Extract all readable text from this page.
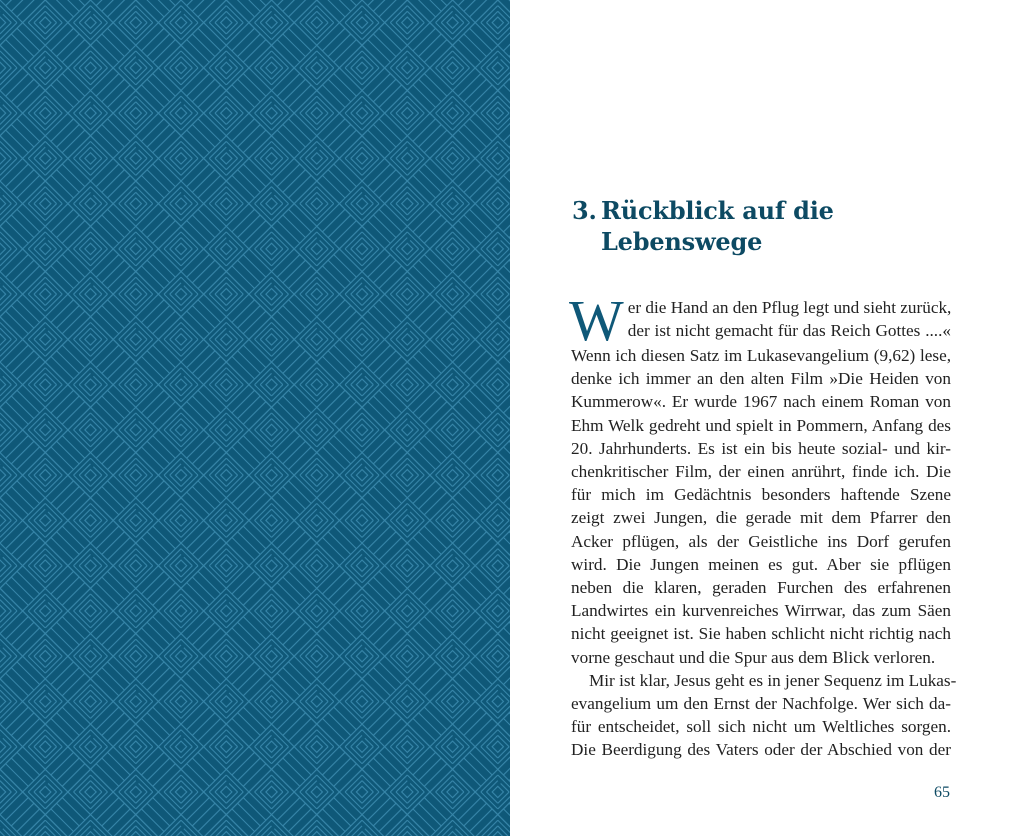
3. Rückblick auf die
Lebenswege
W er die Hand an den Pflug legt und sieht zurück,
der ist nicht gemacht für das Reich Gottes ....«
Wenn ich diesen Satz im Lukasevangelium (9,62) lese,
denke ich immer an den alten Film »Die Heiden von
Kummerow«. Er wurde 1967 nach einem Roman von
Ehm Welk gedreht und spielt in Pommern, Anfang des
20. Jahrhunderts. Es ist ein bis heute sozial- und kir-
chenkritischer Film, der einen anrührt, finde ich. Die
für mich im Gedächtnis besonders haftende Szene
zeigt zwei Jungen, die gerade mit dem Pfarrer den
Acker pflügen, als der Geistliche ins Dorf gerufen
wird. Die Jungen meinen es gut. Aber sie pflügen
neben die klaren, geraden Furchen des erfahrenen
Landwirtes ein kurvenreiches Wirrwar, das zum Säen
nicht geeignet ist. Sie haben schlicht nicht richtig nach
vorne geschaut und die Spur aus dem Blick verloren.
Mir ist klar, Jesus geht es in jener Sequenz im Lukas-
evangelium um den Ernst der Nachfolge. Wer sich da-
für entscheidet, soll sich nicht um Weltliches sorgen.
Die Beerdigung des Vaters oder der Abschied von der
65
